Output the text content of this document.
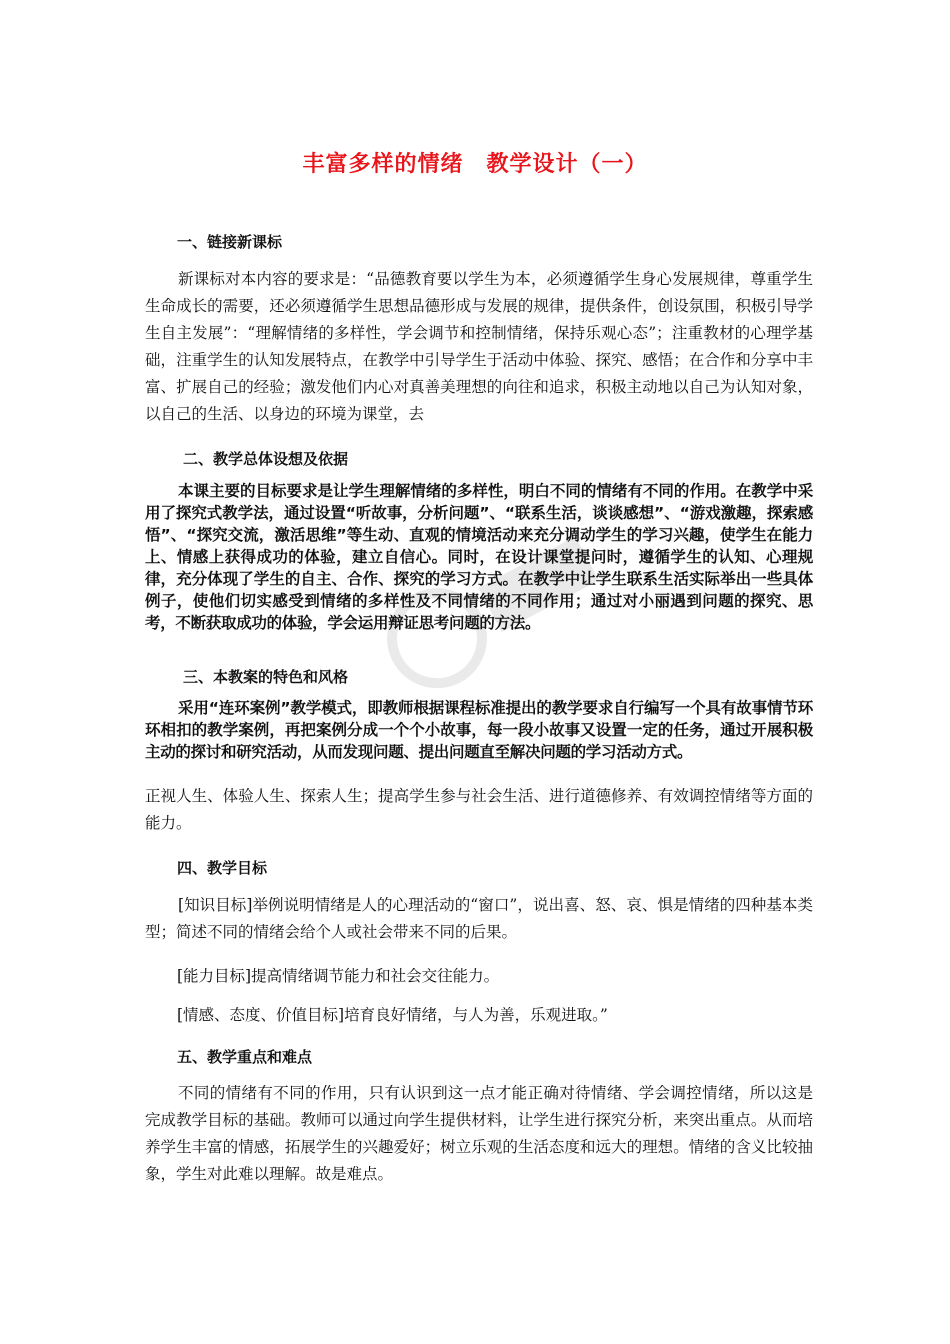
丰富多样的情绪　教学设计（一）
一、链接新课标

新课标对本内容的要求是：“品德教育要以学生为本，必须遵循学生身心发展规律，尊重学生生命成长的需要，还必须遵循学生思想品德形成与发展的规律，提供条件，创设氛围，积极引导学生自主发展”：“理解情绪的多样性，学会调节和控制情绪，保持乐观心态”；注重教材的心理学基础，注重学生的认知发展特点，在教学中引导学生于活动中体验、探究、感悟；在合作和分享中丰富、扩展自己的经验；激发他们内心对真善美理想的向往和追求，积极主动地以自己为认知对象，以自己的生活、以身边的环境为课堂，去

二、教学总体设想及依据

本课主要的目标要求是让学生理解情绪的多样性，明白不同的情绪有不同的作用。在教学中采用了探究式教学法，通过设置“听故事，分析问题”、“联系生活，谈谈感想”、“游戏激趣，探索感悟”、“探究交流，激活思维”等生动、直观的情境活动来充分调动学生的学习兴趣，使学生在能力上、情感上获得成功的体验，建立自信心。同时，在设计课堂提问时，遵循学生的认知、心理规律，充分体现了学生的自主、合作、探究的学习方式。在教学中让学生联系生活实际举出一些具体例子，使他们切实感受到情绪的多样性及不同情绪的不同作用；通过对小丽遇到问题的探究、思考，不断获取成功的体验，学会运用辩证思考问题的方法。

三、本教案的特色和风格

采用“连环案例”教学模式，即教师根据课程标准提出的教学要求自行编写一个具有故事情节环环相扣的教学案例，再把案例分成一个个小故事，每一段小故事又设置一定的任务，通过开展积极主动的探讨和研究活动，从而发现问题、提出问题直至解决问题的学习活动方式。

正视人生、体验人生、探索人生；提高学生参与社会生活、进行道德修养、有效调控情绪等方面的能力。

四、教学目标

[知识目标]举例说明情绪是人的心理活动的“窗口”，说出喜、怒、哀、惧是情绪的四种基本类型；简述不同的情绪会给个人或社会带来不同的后果。

[能力目标]提高情绪调节能力和社会交往能力。
[情感、态度、价值目标]培育良好情绪，与人为善，乐观进取。”
五、教学重点和难点

不同的情绪有不同的作用，只有认识到这一点才能正确对待情绪、学会调控情绪，所以这是完成教学目标的基础。教师可以通过向学生提供材料，让学生进行探究分析，来突出重点。从而培养学生丰富的情感，拓展学生的兴趣爱好；树立乐观的生活态度和远大的理想。情绪的含义比较抽象，学生对此难以理解。故是难点。
